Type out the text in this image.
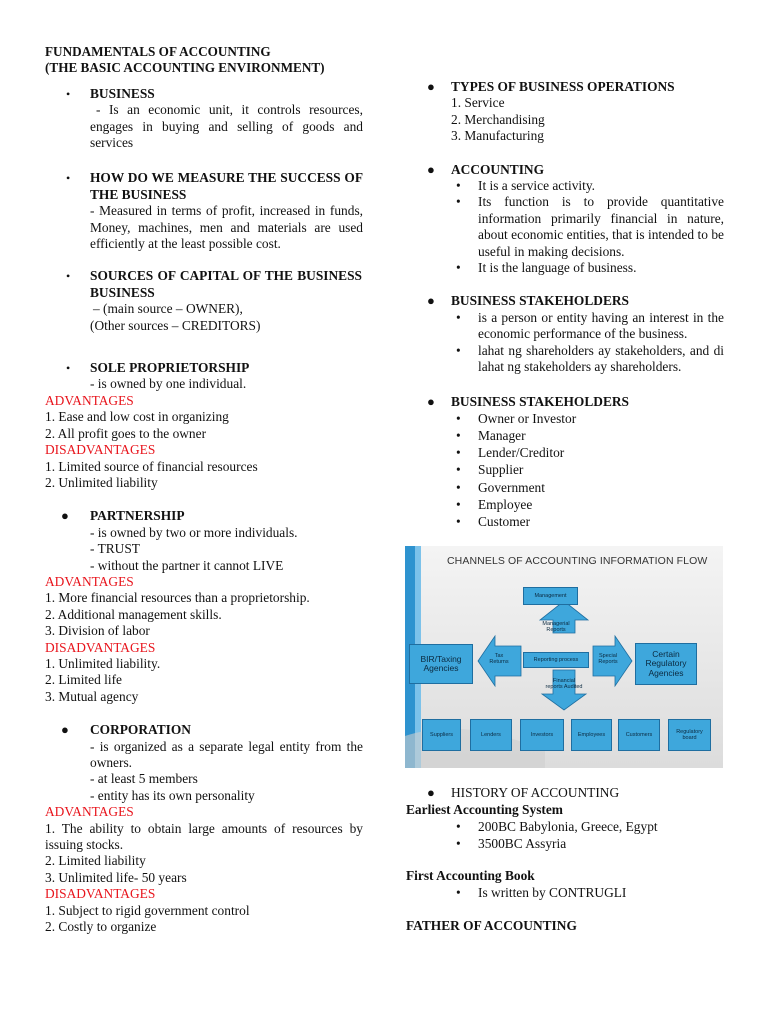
FUNDAMENTALS OF ACCOUNTING
(THE BASIC ACCOUNTING ENVIRONMENT)
• BUSINESS
- Is an economic unit, it controls resources, engages in buying and selling of goods and services
• HOW DO WE MEASURE THE SUCCESS OF THE BUSINESS
- Measured in terms of profit, increased in funds, Money, machines, men and materials are used efficiently at the least possible cost.
• SOURCES OF CAPITAL OF THE BUSINESS
BUSINESS
– (main source – OWNER),
(Other sources – CREDITORS)
• SOLE PROPRIETORSHIP
- is owned by one individual.
ADVANTAGES
1. Ease and low cost in organizing
2. All profit goes to the owner
DISADVANTAGES
1. Limited source of financial resources
2. Unlimited liability
● PARTNERSHIP
- is owned by two or more individuals.
- TRUST
- without the partner it cannot LIVE
ADVANTAGES
1. More financial resources than a proprietorship.
2. Additional management skills.
3. Division of labor
DISADVANTAGES
1. Unlimited liability.
2. Limited life
3. Mutual agency
● CORPORATION
- is organized as a separate legal entity from the owners.
- at least 5 members
- entity has its own personality
ADVANTAGES
1. The ability to obtain large amounts of resources by issuing stocks.
2. Limited liability
3. Unlimited life- 50 years
DISADVANTAGES
1. Subject to rigid government control
2. Costly to organize
● TYPES OF BUSINESS OPERATIONS
1. Service
2. Merchandising
3. Manufacturing
● ACCOUNTING
• It is a service activity.
• Its function is to provide quantitative information primarily financial in nature, about economic entities, that is intended to be useful in making decisions.
• It is the language of business.
● BUSINESS STAKEHOLDERS
• is a person or entity having an interest in the economic performance of the business.
• lahat ng shareholders ay stakeholders, and di lahat ng stakeholders ay shareholders.
● BUSINESS STAKEHOLDERS
• Owner or Investor
• Manager
• Lender/Creditor
• Supplier
• Government
• Employee
• Customer
CHANNELS OF ACCOUNTING INFORMATION FLOW
Management
Managerial Reports
Tax Returns	Reporting process
Special Reports
Financial reports Audited
BIR/Taxing Agencies
Certain Regulatory Agencies
Suppliers	Lenders	Investors	Employees	Customers
Regulatory board
● HISTORY OF ACCOUNTING
Earliest Accounting System
• 200BC Babylonia, Greece, Egypt
• 3500BC Assyria
First Accounting Book
• Is written by CONTRUGLI
FATHER OF ACCOUNTING
